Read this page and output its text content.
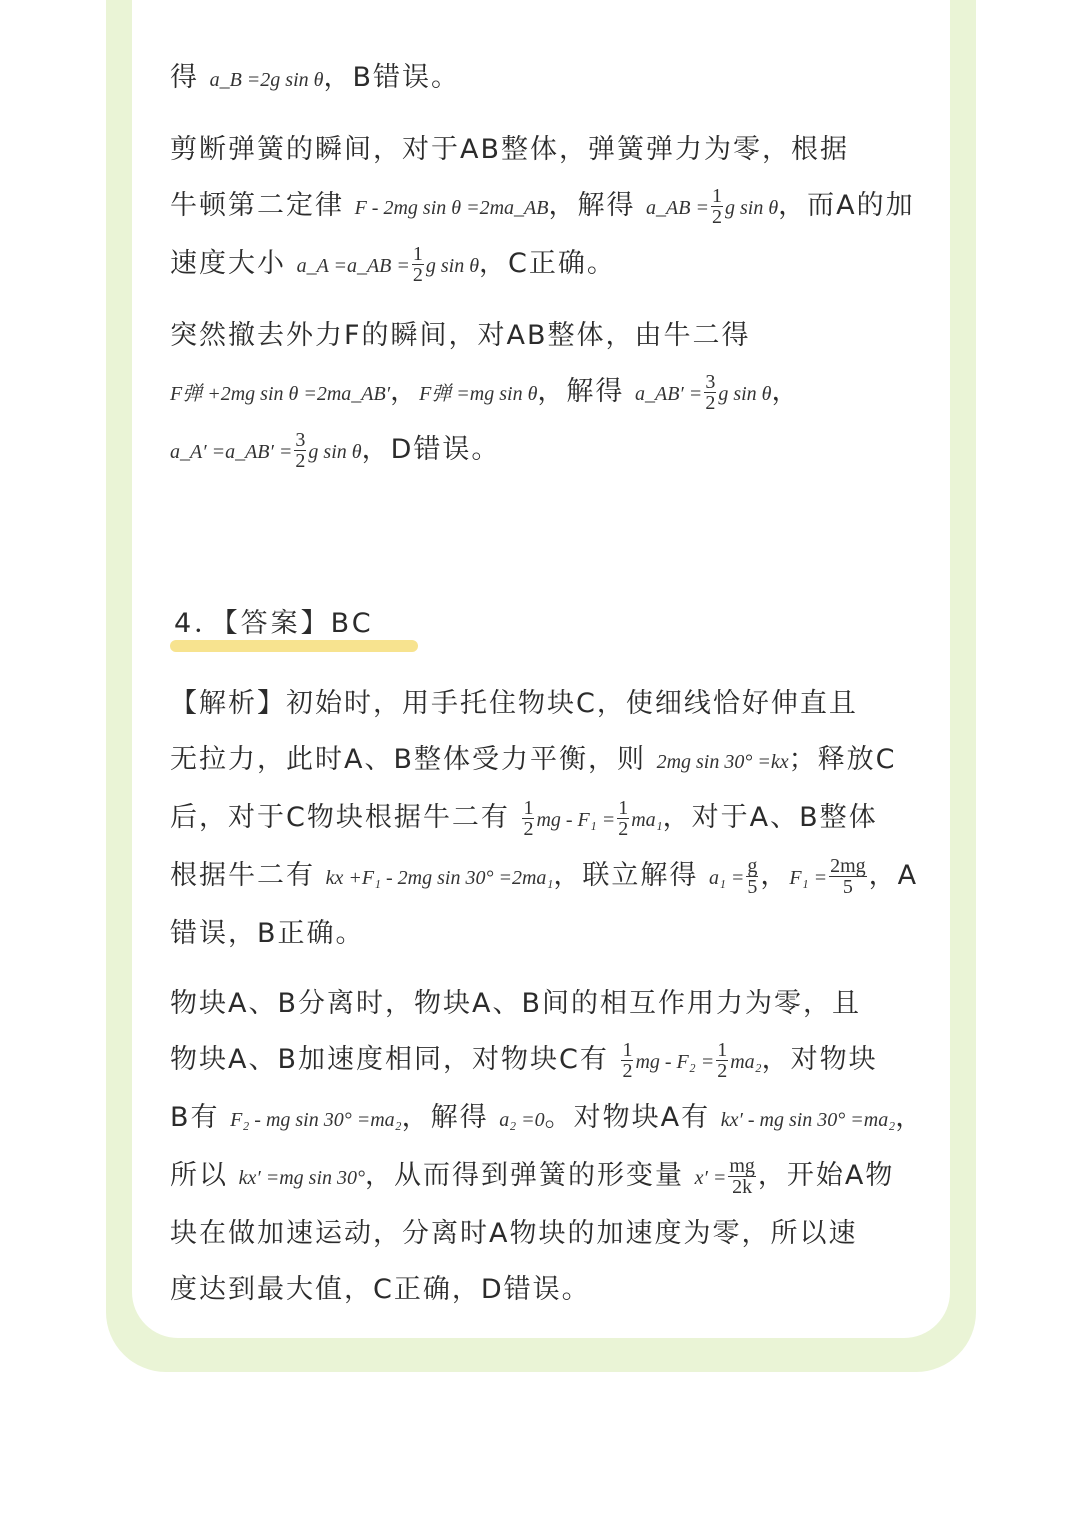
得 a_B =2g sin θ，B错误。
剪断弹簧的瞬间，对于AB整体，弹簧弹力为零，根据
牛顿第二定律 F - 2mg sin θ =2ma_AB，解得 a_AB = $\frac{1}{2}$ g sin θ，而A的加
速度大小 a_A =a_AB = $\frac{1}{2}$ g sin θ，C正确。
突然撤去外力F的瞬间，对AB整体，由牛二得
F弹 +2mg sin θ =2ma_AB′，F弹 =mg sin θ，解得 a_AB′ = $\frac{3}{2}$ g sin θ，
a_A′ =a_AB′ = $\frac{3}{2}$ g sin θ，D错误。
4．【答案】BC
【解析】初始时，用手托住物块C，使细线恰好伸直且
无拉力，此时A、B整体受力平衡，则 2mg sin 30° =kx；释放C
后，对于C物块根据牛二有 $\frac{1}{2}$ mg - $F_1 = \frac{1}{2} ma_1$，对于A、B整体
根据牛二有 kx +F₁ - 2mg sin 30° =2ma₁，联立解得 $a_1 = \frac{g}{5}$ ，$F_1 = \frac{2mg}{5}$ ，A
错误，B正确。
物块A、B分离时，物块A、B间的相互作用力为零，且
物块A、B加速度相同，对物块C有 $\frac{1}{2}$ mg - $F_2 = \frac{1}{2} ma_2$，对物块
B有 F₂ - mg sin 30° =ma₂，解得 a₂ =0。对物块A有 kx′ - mg sin 30° =ma₂，
所以 kx′ =mg sin 30°，从而得到弹簧的形变量 $x' = \frac{mg}{2k}$ ，开始A物
块在做加速运动，分离时A物块的加速度为零，所以速
度达到最大值，C正确，D错误。
